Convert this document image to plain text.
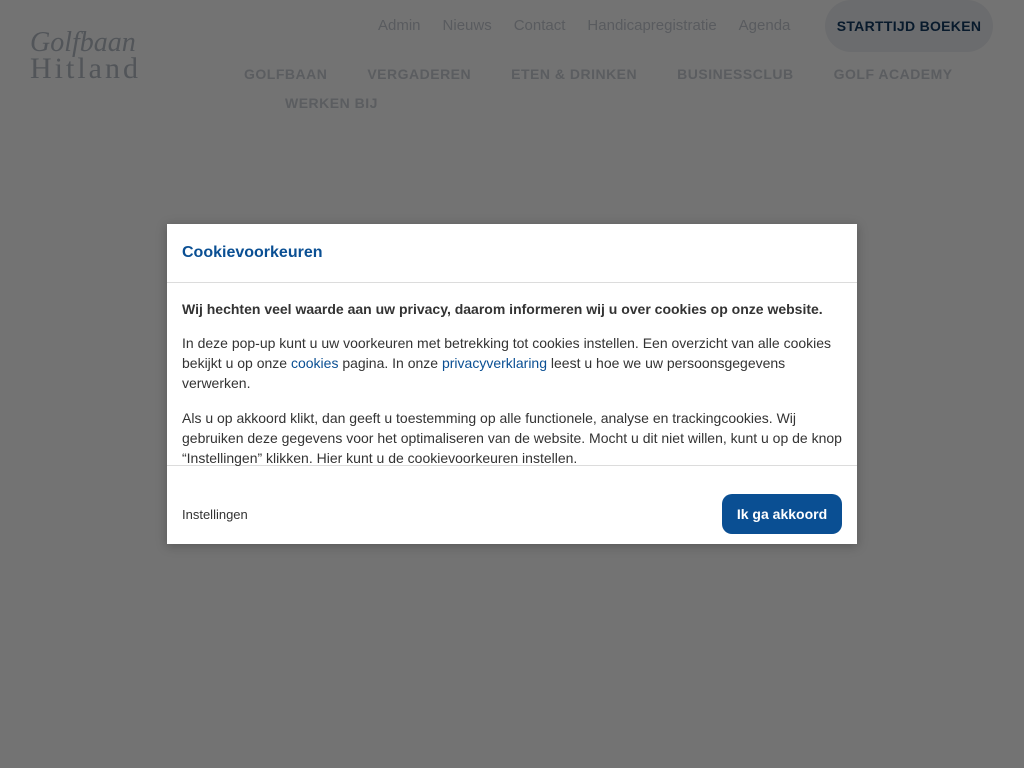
Cookievoorkeuren

Wij hechten veel waarde aan uw privacy, daarom informeren wij u over cookies op onze website.

In deze pop-up kunt u uw voorkeuren met betrekking tot cookies instellen. Een overzicht van alle cookies bekijkt u op onze cookies pagina. In onze privacyverklaring leest u hoe we uw persoonsgegevens verwerken.

Als u op akkoord klikt, dan geeft u toestemming op alle functionele, analyse en trackingcookies. Wij gebruiken deze gegevens voor het optimaliseren van de website. Mocht u dit niet willen, kunt u op de knop “Instellingen” klikken. Hier kunt u de cookievoorkeuren instellen.

Instellingen	Ik ga akkoord
